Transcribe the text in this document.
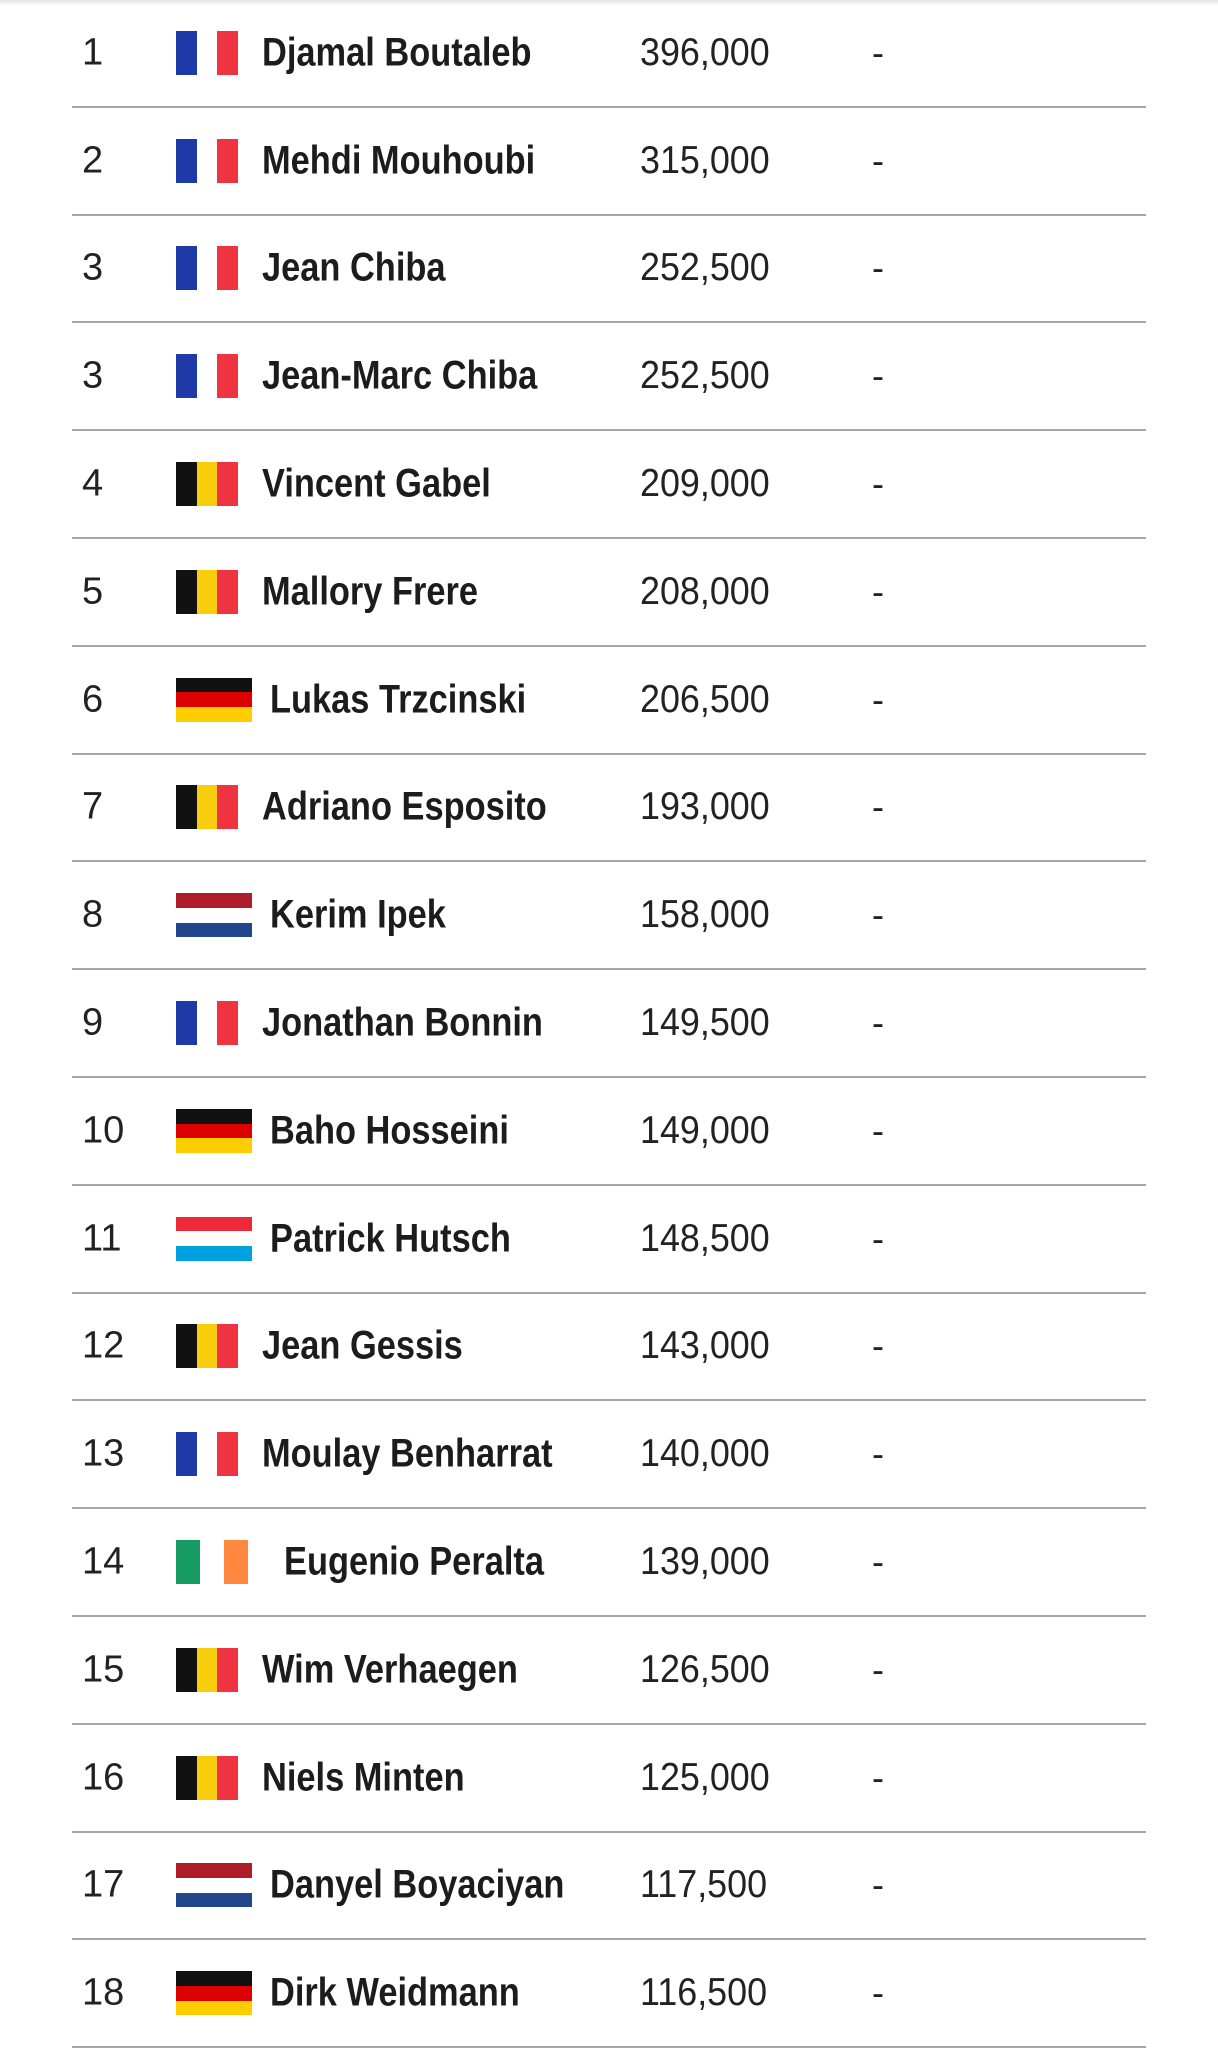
1	Djamal Boutaleb	396,000	-
2	Mehdi Mouhoubi	315,000	-
3	Jean Chiba	252,500	-
3	Jean-Marc Chiba	252,500	-
4	Vincent Gabel	209,000	-
5	Mallory Frere	208,000	-
6	Lukas Trzcinski	206,500	-
7	Adriano Esposito 193,000	-
8	Kerim Ipek	158,000	-
9	Jonathan Bonnin 149,500	-
10	Baho Hosseini	149,000	-
11	Patrick Hutsch	148,500	-
12	Jean Gessis	143,000	-
13	Moulay Benharrat 140,000	-
14	Eugenio Peralta 139,000	-
15	Wim Verhaegen	126,500	-
16	Niels Minten	125,000	-
17	Danyel Boyaciyan 117,500	-
18	Dirk Weidmann	116,500	-
